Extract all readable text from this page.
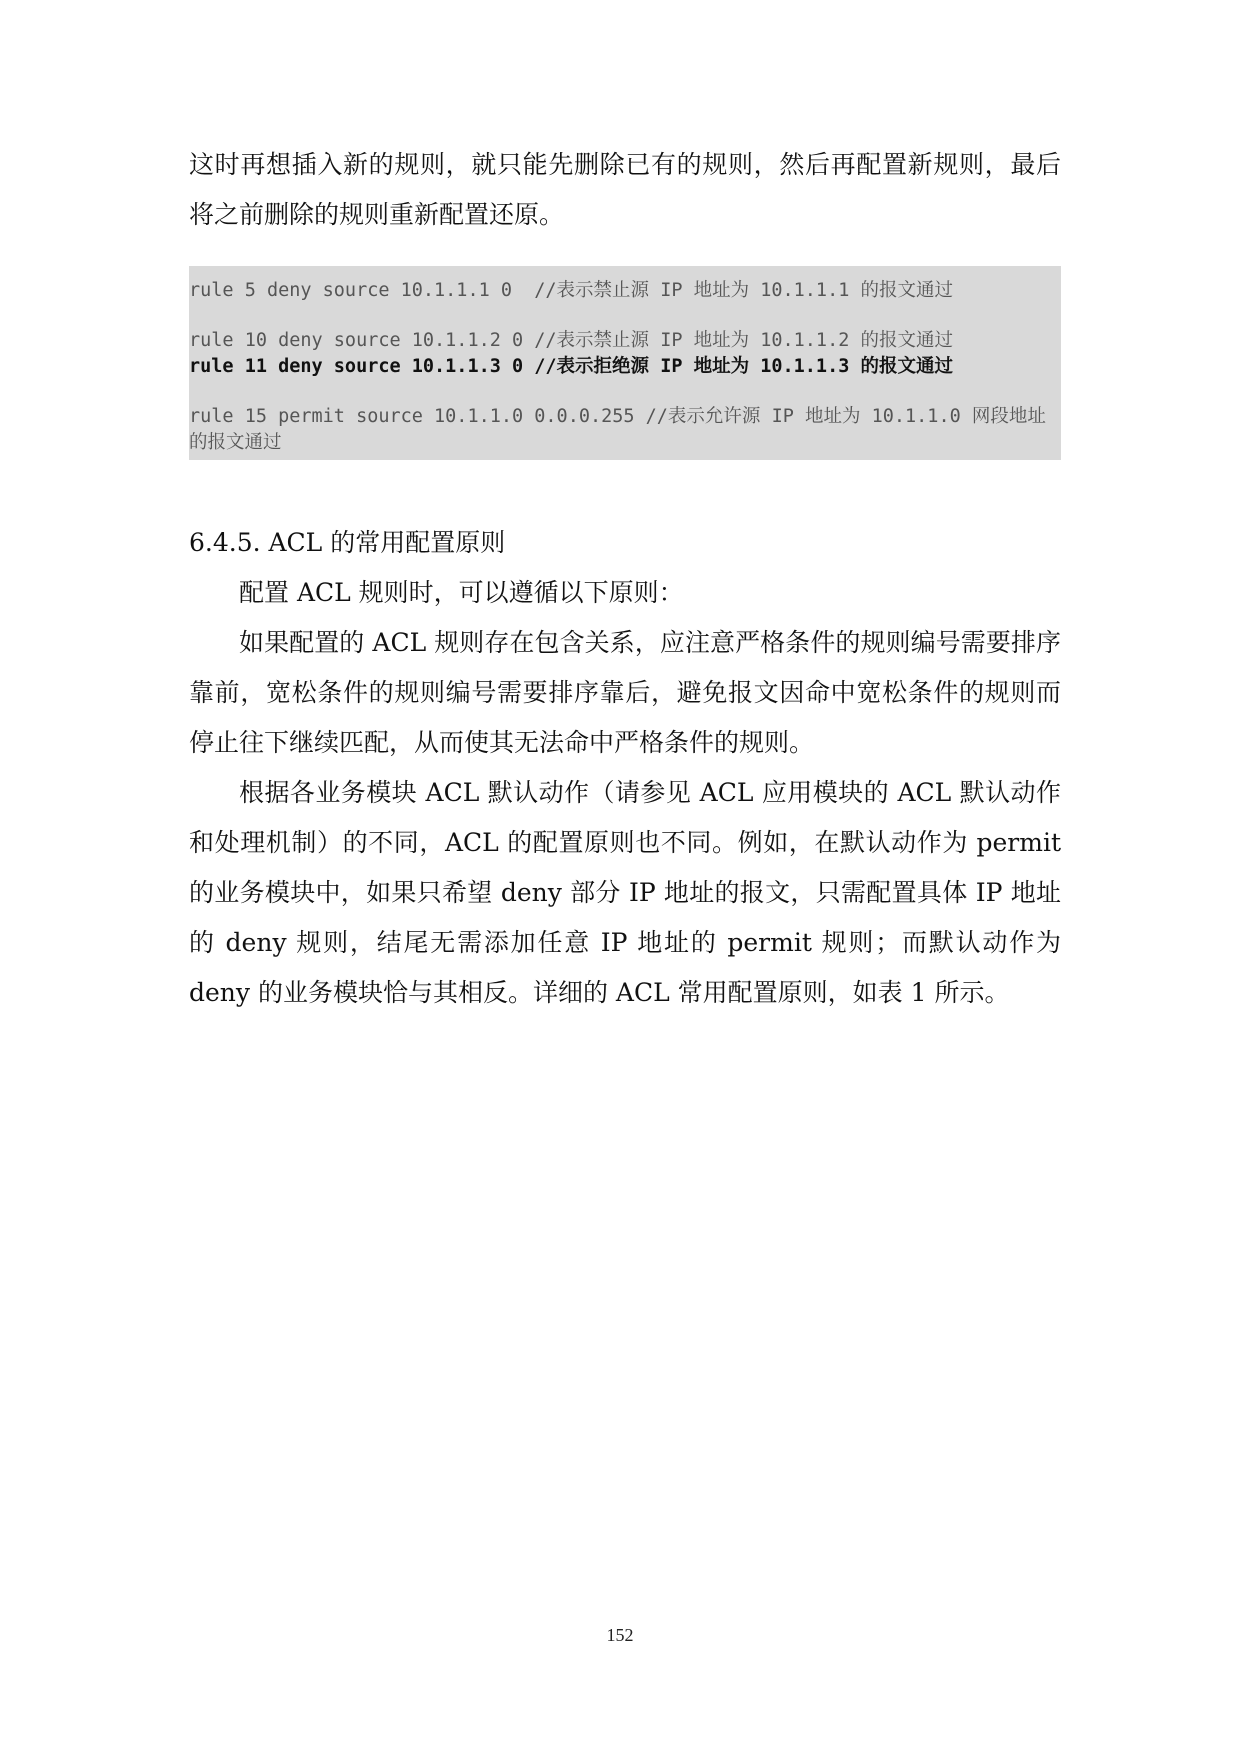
这时再想插入新的规则，就只能先删除已有的规则，然后再配置新规则，最后将之前删除的规则重新配置还原。

rule 5 deny source 10.1.1.1 0  //表示禁止源 IP 地址为 10.1.1.1 的报文通过
rule 10 deny source 10.1.1.2 0 //表示禁止源 IP 地址为 10.1.1.2 的报文通过
rule 11 deny source 10.1.1.3 0 //表示拒绝源 IP 地址为 10.1.1.3 的报文通过
rule 15 permit source 10.1.1.0 0.0.0.255 //表示允许源 IP 地址为 10.1.1.0 网段地址的报文通过
6.4.5. ACL 的常用配置原则

配置 ACL 规则时，可以遵循以下原则：

如果配置的 ACL 规则存在包含关系，应注意严格条件的规则编号需要排序靠前，宽松条件的规则编号需要排序靠后，避免报文因命中宽松条件的规则而停止往下继续匹配，从而使其无法命中严格条件的规则。

根据各业务模块 ACL 默认动作（请参见 ACL 应用模块的 ACL 默认动作和处理机制）的不同，ACL 的配置原则也不同。例如，在默认动作为 permit 的业务模块中，如果只希望 deny 部分 IP 地址的报文，只需配置具体 IP 地址的 deny 规则，结尾无需添加任意 IP 地址的 permit 规则；而默认动作为 deny 的业务模块恰与其相反。详细的 ACL 常用配置原则，如表 1 所示。

152
